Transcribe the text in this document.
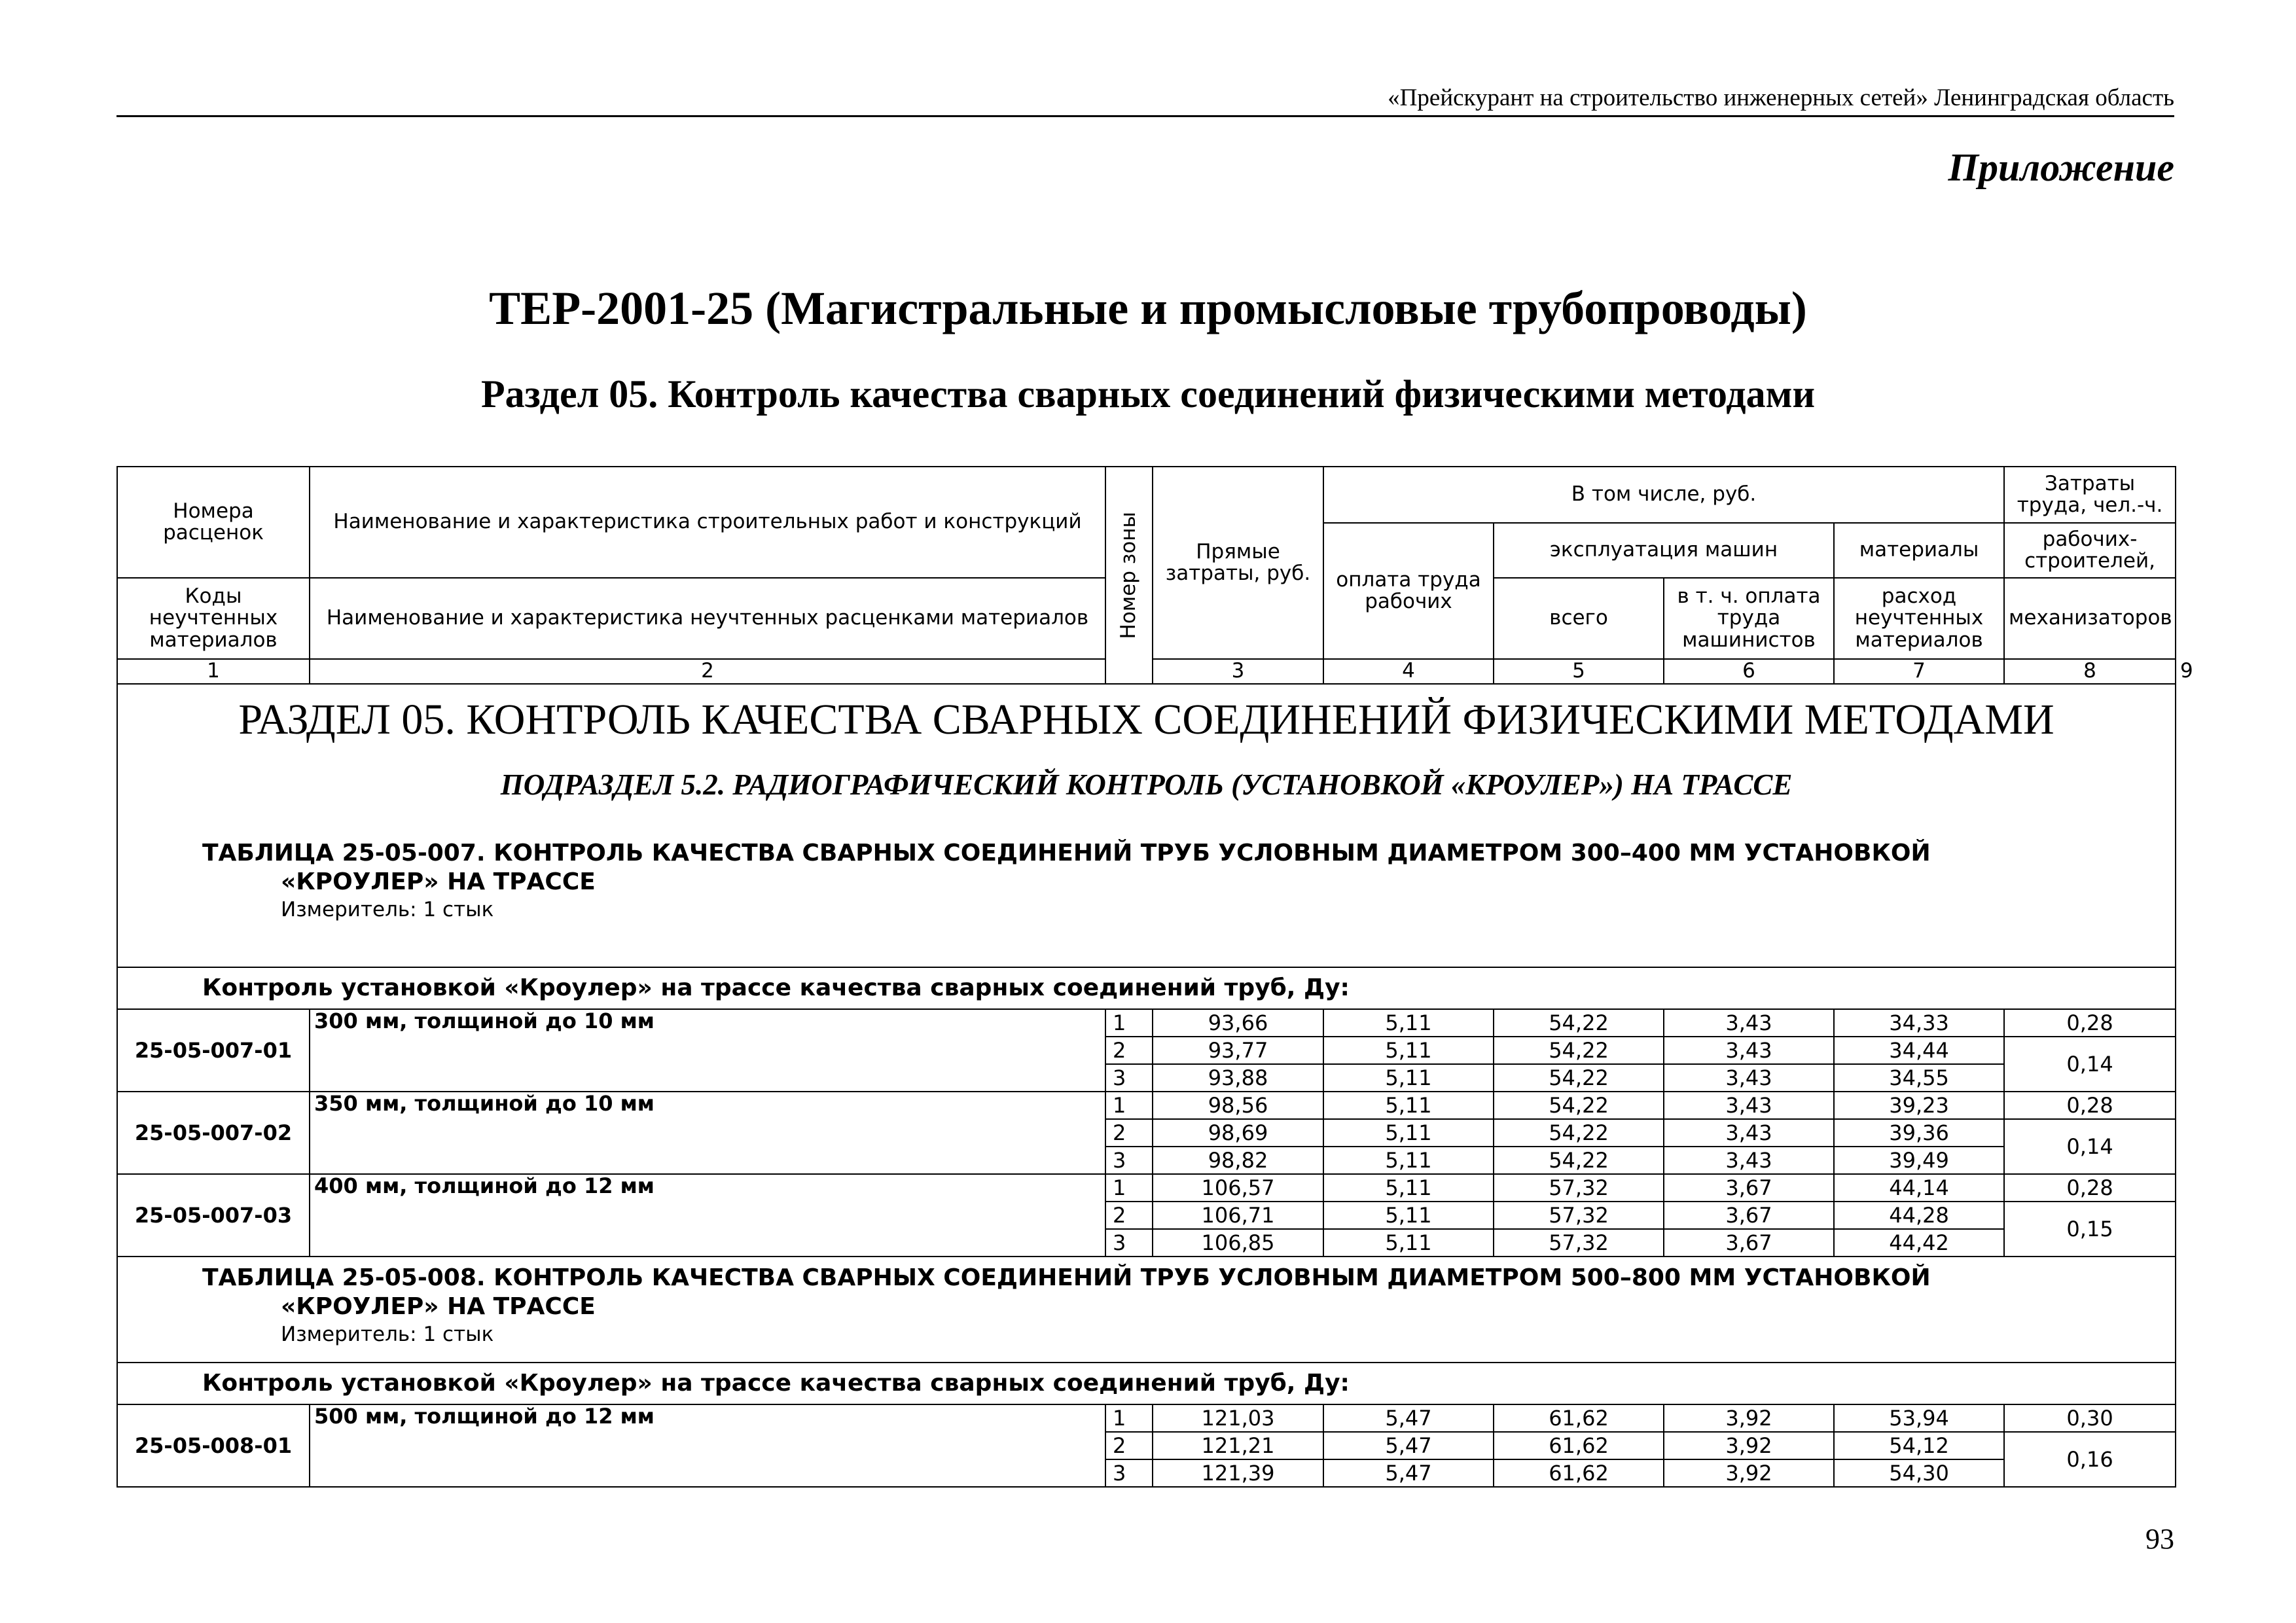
«Прейскурант на строительство инженерных сетей» Ленинградская область
Приложение
ТЕР-2001-25 (Магистральные и промысловые трубопроводы)
Раздел 05. Контроль качества сварных соединений физическими методами
Номера расценок	Наименование и характеристика строительных работ и конструкций	Номер зоны	Прямые затраты, руб.	В том числе, руб.				Затраты труда, чел.-ч.	
				оплата труда рабочих	эксплуатация машин		материалы	рабочих-строителей,	
Коды неучтенных материалов	Наименование и характеристика неучтенных расценками материалов				всего	в т. ч. оплата труда машинистов	расход неучтенных материалов	механизаторов	
1	2		3	4	5	6	7	8	9

РАЗДЕЛ 05. КОНТРОЛЬ КАЧЕСТВА СВАРНЫХ СОЕДИНЕНИЙ ФИЗИЧЕСКИМИ МЕТОДАМИ
ПОДРАЗДЕЛ 5.2. РАДИОГРАФИЧЕСКИЙ КОНТРОЛЬ (УСТАНОВКОЙ «КРОУЛЕР») НА ТРАССЕ
ТАБЛИЦА 25-05-007. КОНТРОЛЬ КАЧЕСТВА СВАРНЫХ СОЕДИНЕНИЙ ТРУБ УСЛОВНЫМ ДИАМЕТРОМ 300–400 ММ УСТАНОВКОЙ
«КРОУЛЕР» НА ТРАССЕ
Измеритель: 1 стык									

Контроль установкой «Кроулер» на трассе качества сварных соединений труб, Ду:									
25-05-007-01	300 мм, толщиной до 10 мм	1	93,66	5,11	54,22	3,43	34,33	0,28	
		2	93,77	5,11	54,22	3,43	34,44	0,14	
		3	93,88	5,11	54,22	3,43	34,55		
25-05-007-02	350 мм, толщиной до 10 мм	1	98,56	5,11	54,22	3,43	39,23	0,28	
		2	98,69	5,11	54,22	3,43	39,36	0,14	
		3	98,82	5,11	54,22	3,43	39,49		
25-05-007-03	400 мм, толщиной до 12 мм	1	106,57	5,11	57,32	3,67	44,14	0,28	
		2	106,71	5,11	57,32	3,67	44,28	0,15	
		3	106,85	5,11	57,32	3,67	44,42		

ТАБЛИЦА 25-05-008. КОНТРОЛЬ КАЧЕСТВА СВАРНЫХ СОЕДИНЕНИЙ ТРУБ УСЛОВНЫМ ДИАМЕТРОМ 500–800 ММ УСТАНОВКОЙ
«КРОУЛЕР» НА ТРАССЕ
Измеритель: 1 стык									

Контроль установкой «Кроулер» на трассе качества сварных соединений труб, Ду:									
25-05-008-01	500 мм, толщиной до 12 мм	1	121,03	5,47	61,62	3,92	53,94	0,30	
		2	121,21	5,47	61,62	3,92	54,12	0,16	
		3	121,39	5,47	61,62	3,92	54,30		
93
